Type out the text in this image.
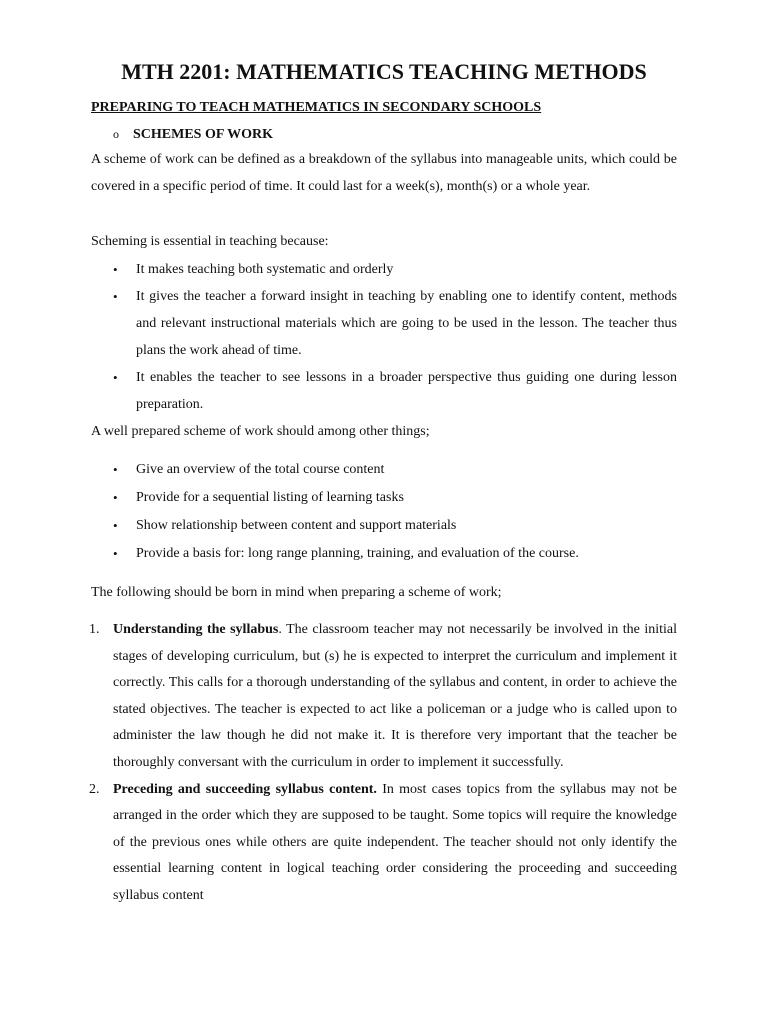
MTH 2201: MATHEMATICS TEACHING METHODS

PREPARING TO TEACH MATHEMATICS IN SECONDARY SCHOOLS

o SCHEMES OF WORK

A scheme of work can be defined as a breakdown of the syllabus into manageable units, which could be covered in a specific period of time. It could last for a week(s), month(s) or a whole year.

Scheming is essential in teaching because:

• It makes teaching both systematic and orderly
• It gives the teacher a forward insight in teaching by enabling one to identify content, methods and relevant instructional materials which are going to be used in the lesson. The teacher thus plans the work ahead of time.
• It enables the teacher to see lessons in a broader perspective thus guiding one during lesson preparation.

A well prepared scheme of work should among other things;

• Give an overview of the total course content
• Provide for a sequential listing of learning tasks
• Show relationship between content and support materials
• Provide a basis for: long range planning, training, and evaluation of the course.

The following should be born in mind when preparing a scheme of work;

1. Understanding the syllabus. The classroom teacher may not necessarily be involved in the initial stages of developing curriculum, but (s) he is expected to interpret the curriculum and implement it correctly. This calls for a thorough understanding of the syllabus and content, in order to achieve the stated objectives. The teacher is expected to act like a policeman or a judge who is called upon to administer the law though he did not make it. It is therefore very important that the teacher be thoroughly conversant with the curriculum in order to implement it successfully.
2. Preceding and succeeding syllabus content. In most cases topics from the syllabus may not be arranged in the order which they are supposed to be taught. Some topics will require the knowledge of the previous ones while others are quite independent. The teacher should not only identify the essential learning content in logical teaching order considering the proceeding and succeeding syllabus content
